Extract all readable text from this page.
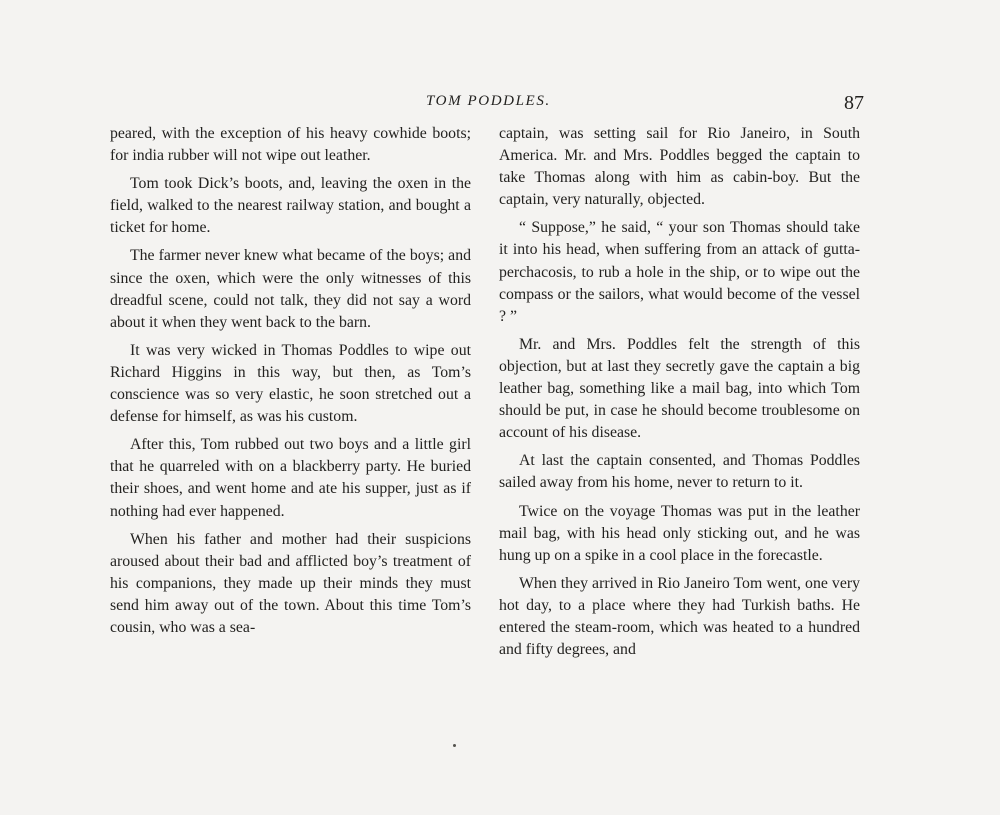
TOM PODDLES.	87

peared, with the exception of his heavy cowhide boots; for india rubber will not wipe out leather.

Tom took Dick’s boots, and, leaving the oxen in the field, walked to the nearest railway station, and bought a ticket for home.

The farmer never knew what became of the boys; and since the oxen, which were the only witnesses of this dreadful scene, could not talk, they did not say a word about it when they went back to the barn.

It was very wicked in Thomas Poddles to wipe out Richard Higgins in this way, but then, as Tom’s conscience was so very elastic, he soon stretched out a defense for himself, as was his custom.

After this, Tom rubbed out two boys and a little girl that he quarreled with on a blackberry party. He buried their shoes, and went home and ate his supper, just as if nothing had ever happened.

When his father and mother had their suspicions aroused about their bad and afflicted boy’s treatment of his companions, they made up their minds they must send him away out of the town. About this time Tom’s cousin, who was a sea-

captain, was setting sail for Rio Janeiro, in South America. Mr. and Mrs. Poddles begged the captain to take Thomas along with him as cabin-boy. But the captain, very naturally, objected.

“ Suppose,” he said, “ your son Thomas should take it into his head, when suffering from an attack of gutta-perchacosis, to rub a hole in the ship, or to wipe out the compass or the sailors, what would become of the vessel ? ”

Mr. and Mrs. Poddles felt the strength of this objection, but at last they secretly gave the captain a big leather bag, something like a mail bag, into which Tom should be put, in case he should become troublesome on account of his disease.

At last the captain consented, and Thomas Poddles sailed away from his home, never to return to it.

Twice on the voyage Thomas was put in the leather mail bag, with his head only sticking out, and he was hung up on a spike in a cool place in the forecastle.

When they arrived in Rio Janeiro Tom went, one very hot day, to a place where they had Turkish baths. He entered the steam-room, which was heated to a hundred and fifty degrees, and
